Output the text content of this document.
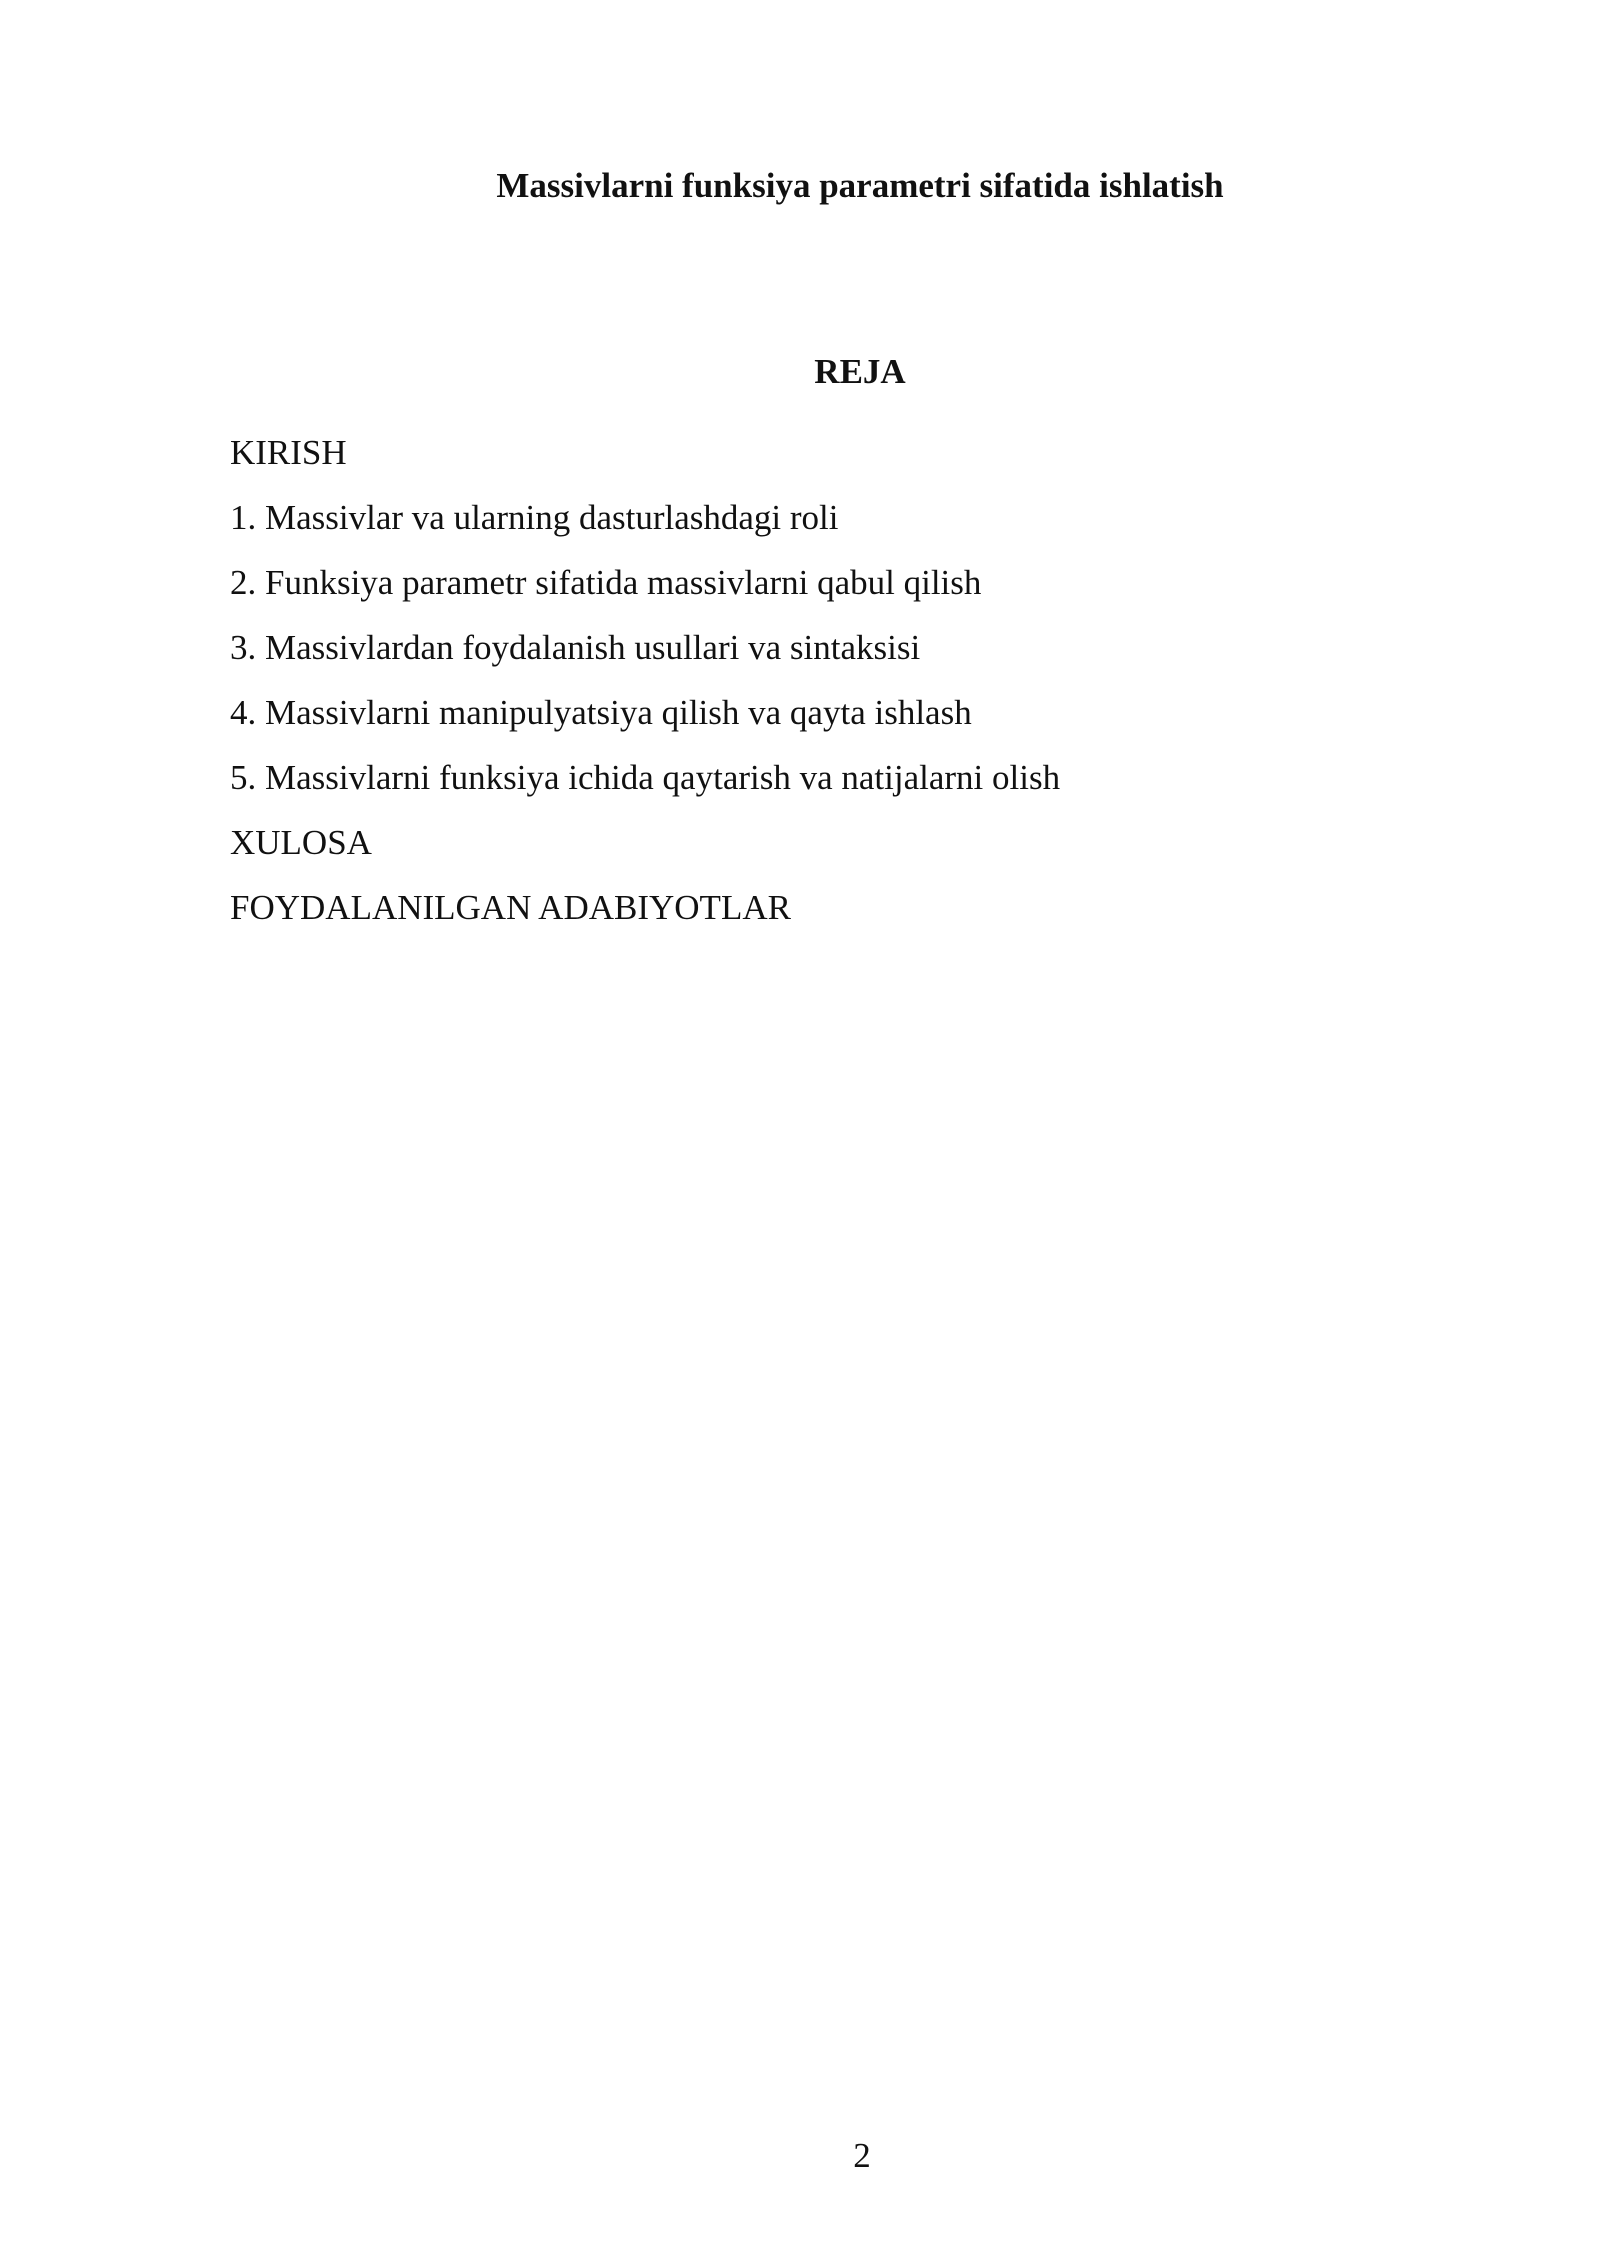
Massivlarni funksiya parametri sifatida ishlatish
REJA
KIRISH
1. Massivlar va ularning dasturlashdagi roli
2. Funksiya parametr sifatida massivlarni qabul qilish
3. Massivlardan foydalanish usullari va sintaksisi
4. Massivlarni manipulyatsiya qilish va qayta ishlash
5. Massivlarni funksiya ichida qaytarish va natijalarni olish
XULOSA
FOYDALANILGAN ADABIYOTLAR
2
